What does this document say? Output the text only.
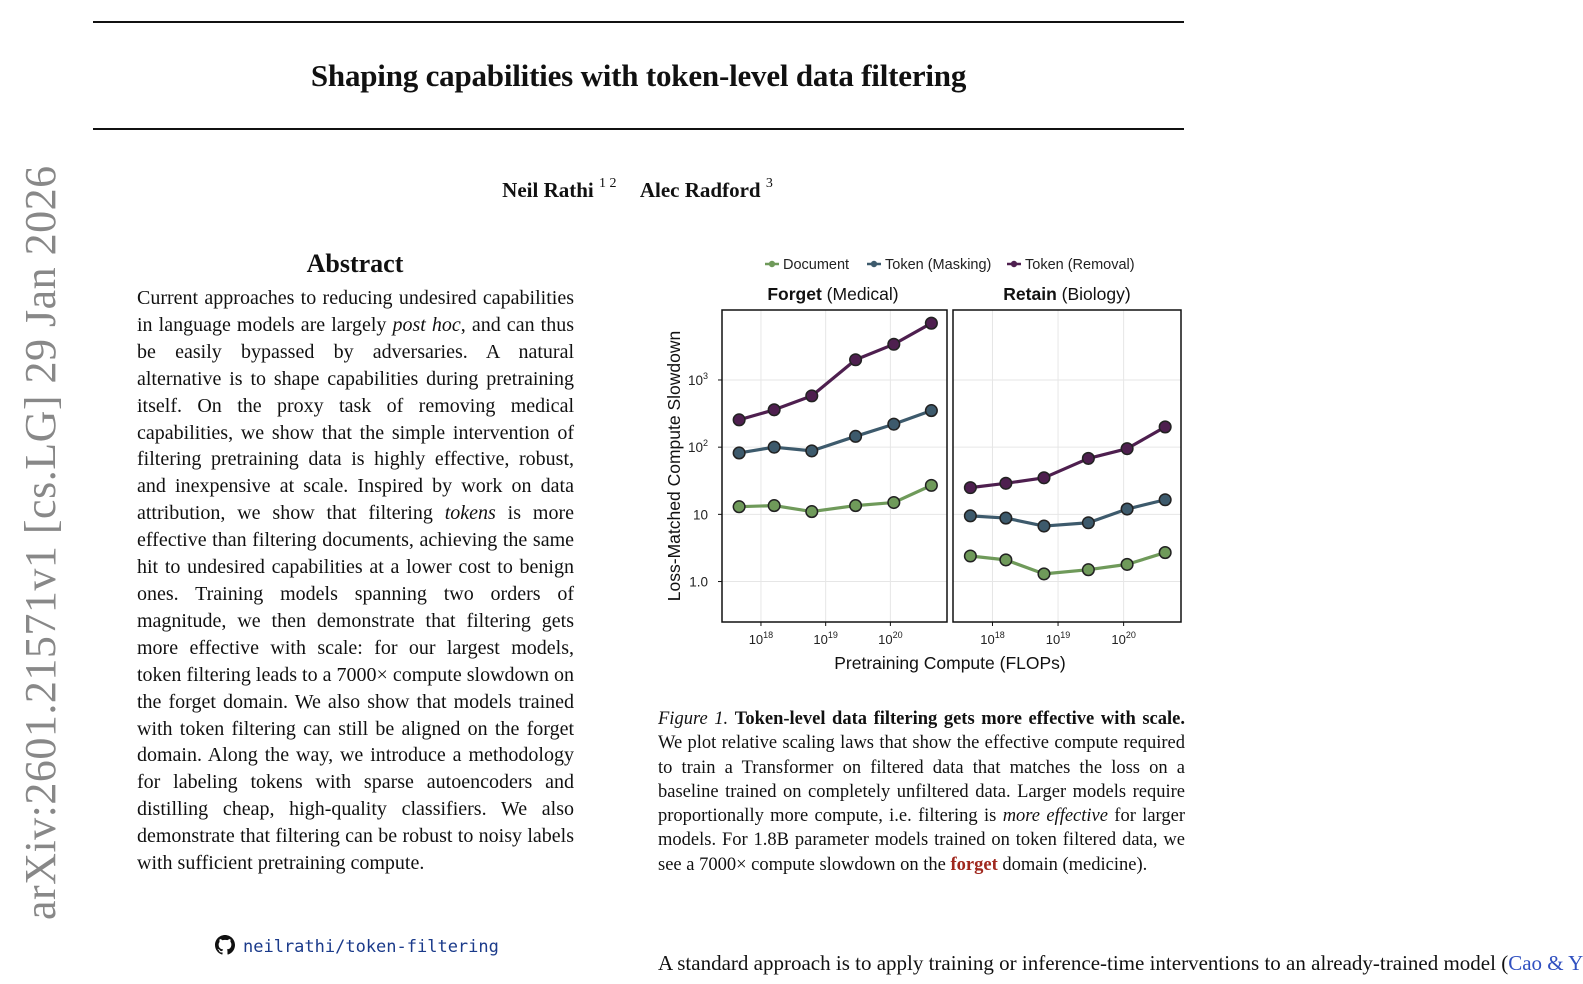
Shaping capabilities with token-level data filtering
Neil Rathi $^{1 2}$ Alec Radford $^3$
arXiv:2601.21571v1 [cs.LG] 29 Jan 2026	Abstract
Current approaches to reducing undesired capabilities in language models are largely post hoc, and can thus be easily bypassed by adversaries. A natural alternative is to shape capabilities during pretraining itself. On the proxy task of removing medical capabilities, we show that the simple intervention of filtering pretraining data is highly effective, robust, and inexpensive at scale. Inspired by work on data attribution, we show that filtering tokens is more effective than filtering documents, achieving the same hit to undesired capabilities at a lower cost to benign ones. Training models spanning two orders of magnitude, we then demonstrate that filtering gets more effective with scale: for our largest models, token filtering leads to a 7000× compute slowdown on the forget domain. We also show that models trained with token filtering can still be aligned on the forget domain. Along the way, we introduce a methodology for labeling tokens with sparse autoencoders and distilling cheap, high-quality classifiers. We also demonstrate that filtering can be robust to noisy labels with sufficient pretraining compute.
neilrathi/token-filtering
Document Token (Masking) Token (Removal)
Forget (Medical)	Retain (Biology)
$10^3$
$10^2$
10
1.0
$10^{18}$	$10^{19}$	$10^{20}$	$10^{18}$	$10^{19}$	$10^{20}$
Pretraining Compute (FLOPs)
Loss-Matched Compute Slowdown
Figure 1. Token-level data filtering gets more effective with scale. We plot relative scaling laws that show the effective compute required to train a Transformer on filtered data that matches the loss on a baseline trained on completely unfiltered data. Larger models require proportionally more compute, i.e. filtering is more effective for larger models. For 1.8B parameter models trained on token filtered data, we see a 7000× compute slowdown on the forget domain (medicine).
A standard approach is to apply training or inference-time interventions to an already-trained model (Cao & Y
